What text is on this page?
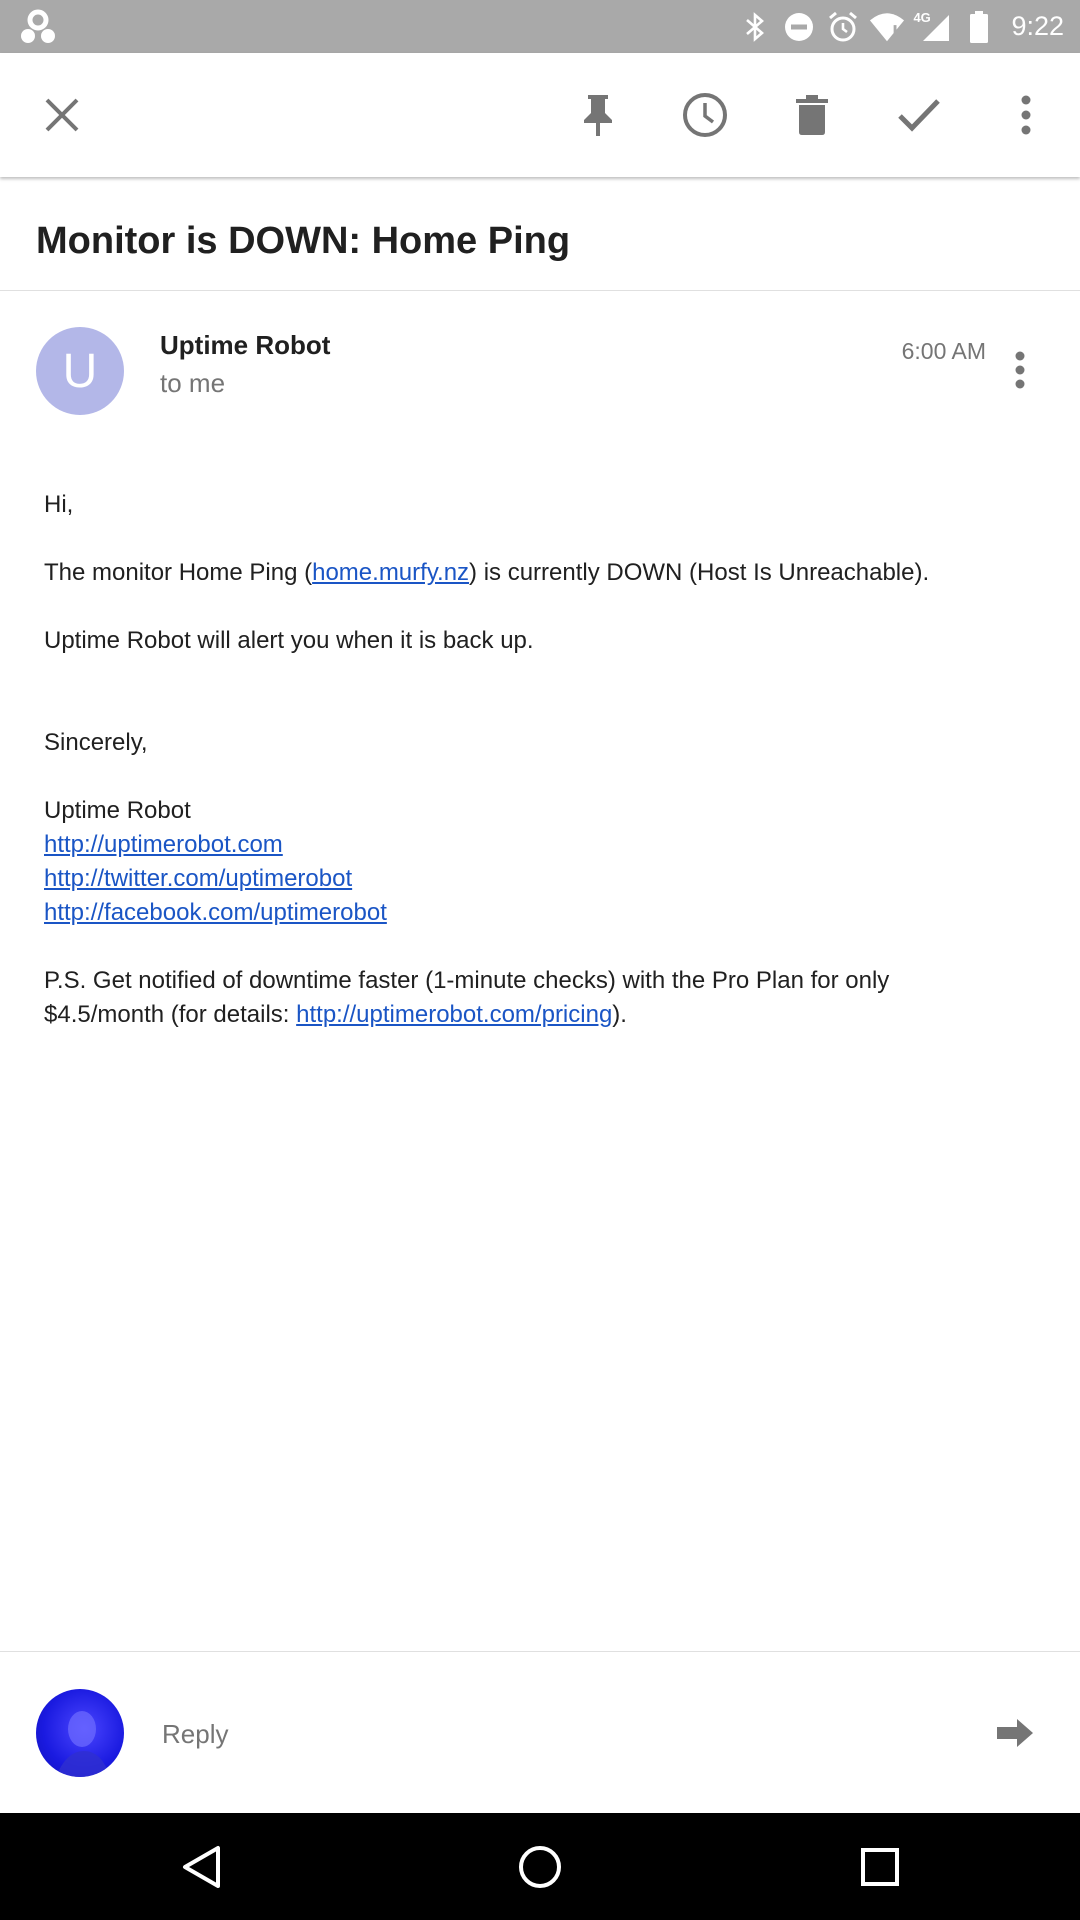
4G	9:22
Monitor is DOWN: Home Ping
U	Uptime Robot
to me
6:00 AM

Hi,

The monitor Home Ping (home.murfy.nz) is currently DOWN (Host Is Unreachable).

Uptime Robot will alert you when it is back up.

Sincerely,

Uptime Robot

http://uptimerobot.com

http://twitter.com/uptimerobot

http://facebook.com/uptimerobot

P.S. Get notified of downtime faster (1-minute checks) with the Pro Plan for only

$4.5/month (for details: http://uptimerobot.com/pricing).

Reply
